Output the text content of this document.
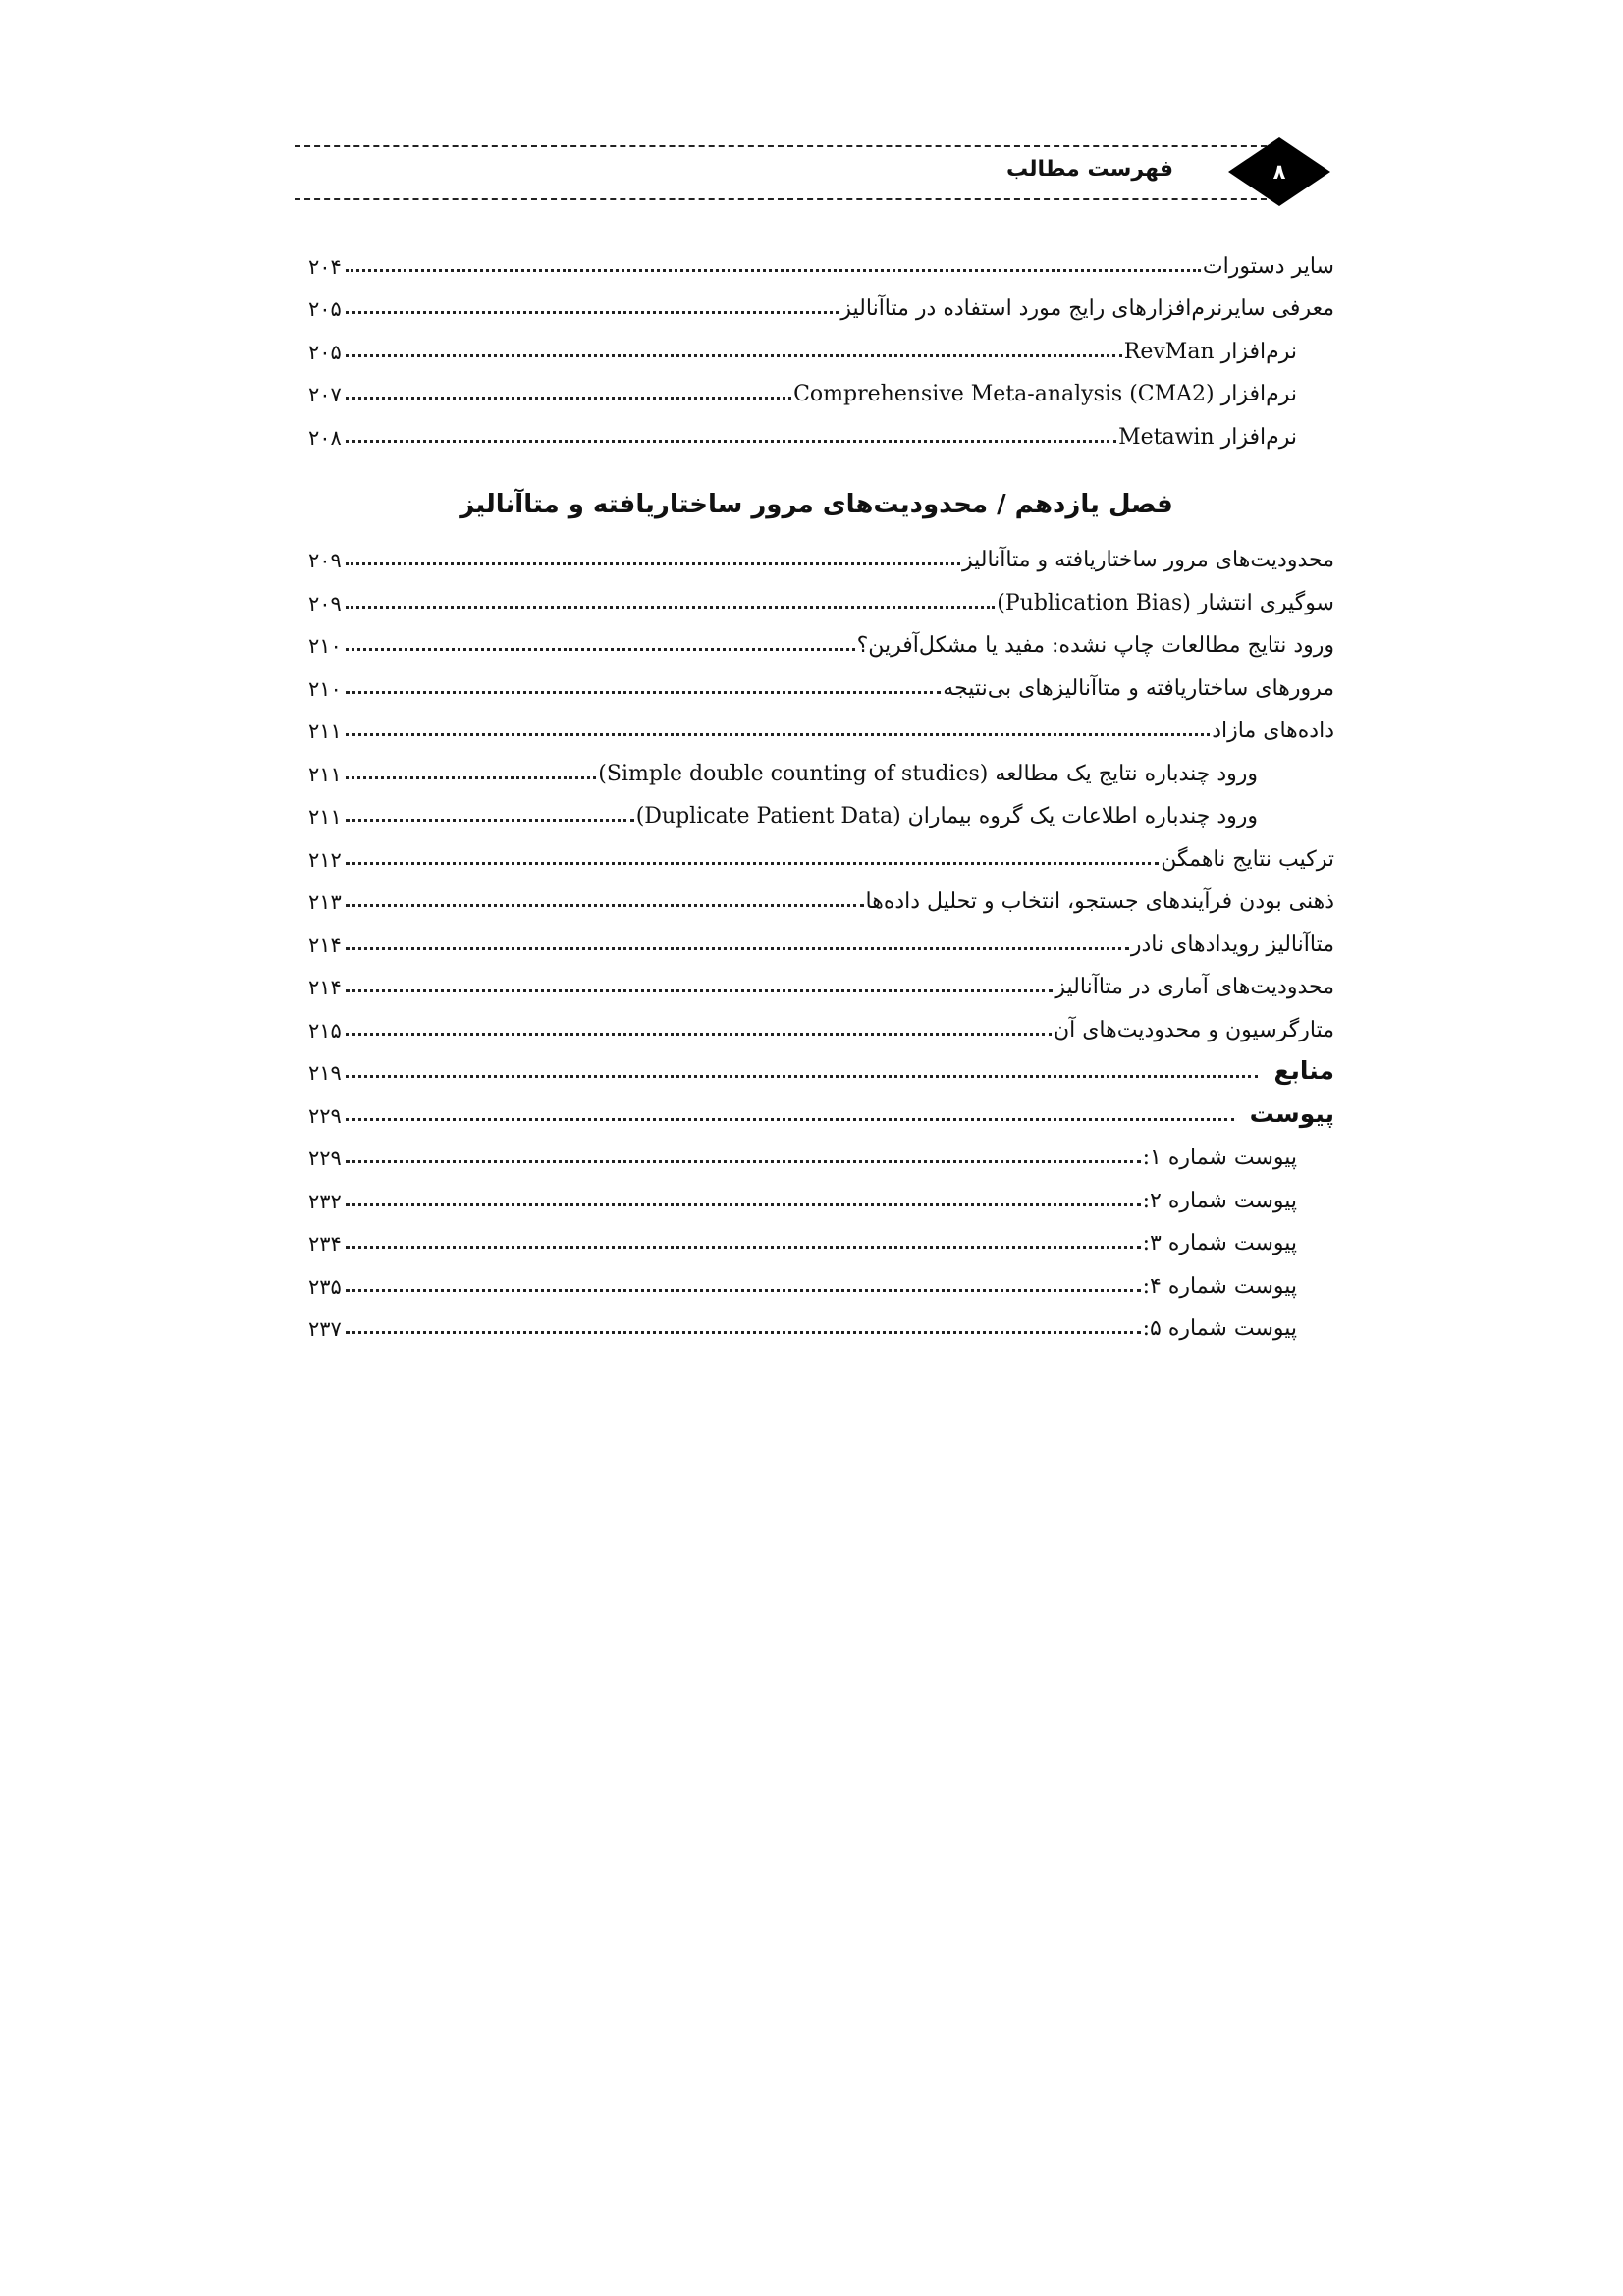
فهرست مطالب	۸
سایر دستورات
۲۰۴
معرفی سایرنرم‌افزارهای رایج مورد استفاده در متاآنالیز
۲۰۵
نرم‌افزار RevMan
۲۰۵
نرم‌افزار Comprehensive Meta-analysis (CMA2)
۲۰۷
نرم‌افزار Metawin
۲۰۸
فصل یازدهم / محدودیت‌های مرور ساختاریافته و متاآنالیز
محدودیت‌های مرور ساختاریافته و متاآنالیز
۲۰۹
سوگیری انتشار (Publication Bias)
۲۰۹
ورود نتایج مطالعات چاپ نشده: مفید یا مشکل‌آفرین؟
۲۱۰
مرورهای ساختاریافته و متاآنالیزهای بی‌نتیجه
۲۱۰
داده‌های مازاد
۲۱۱
ورود چندباره نتایج یک مطالعه (Simple double counting of studies)
۲۱۱
ورود چندباره اطلاعات یک گروه بیماران (Duplicate Patient Data)
۲۱۱
ترکیب نتایج ناهمگن
۲۱۲
ذهنی بودن فرآیندهای جستجو، انتخاب و تحلیل داده‌ها
۲۱۳
متاآنالیز رویدادهای نادر
۲۱۴
محدودیت‌های آماری در متاآنالیز
۲۱۴
متارگرسیون و محدودیت‌های آن
۲۱۵
منابع
۲۱۹
پیوست
۲۲۹
پیوست شماره ۱:
۲۲۹
پیوست شماره ۲:
۲۳۲
پیوست شماره ۳:
۲۳۴
پیوست شماره ۴:
۲۳۵
پیوست شماره ۵:
۲۳۷
